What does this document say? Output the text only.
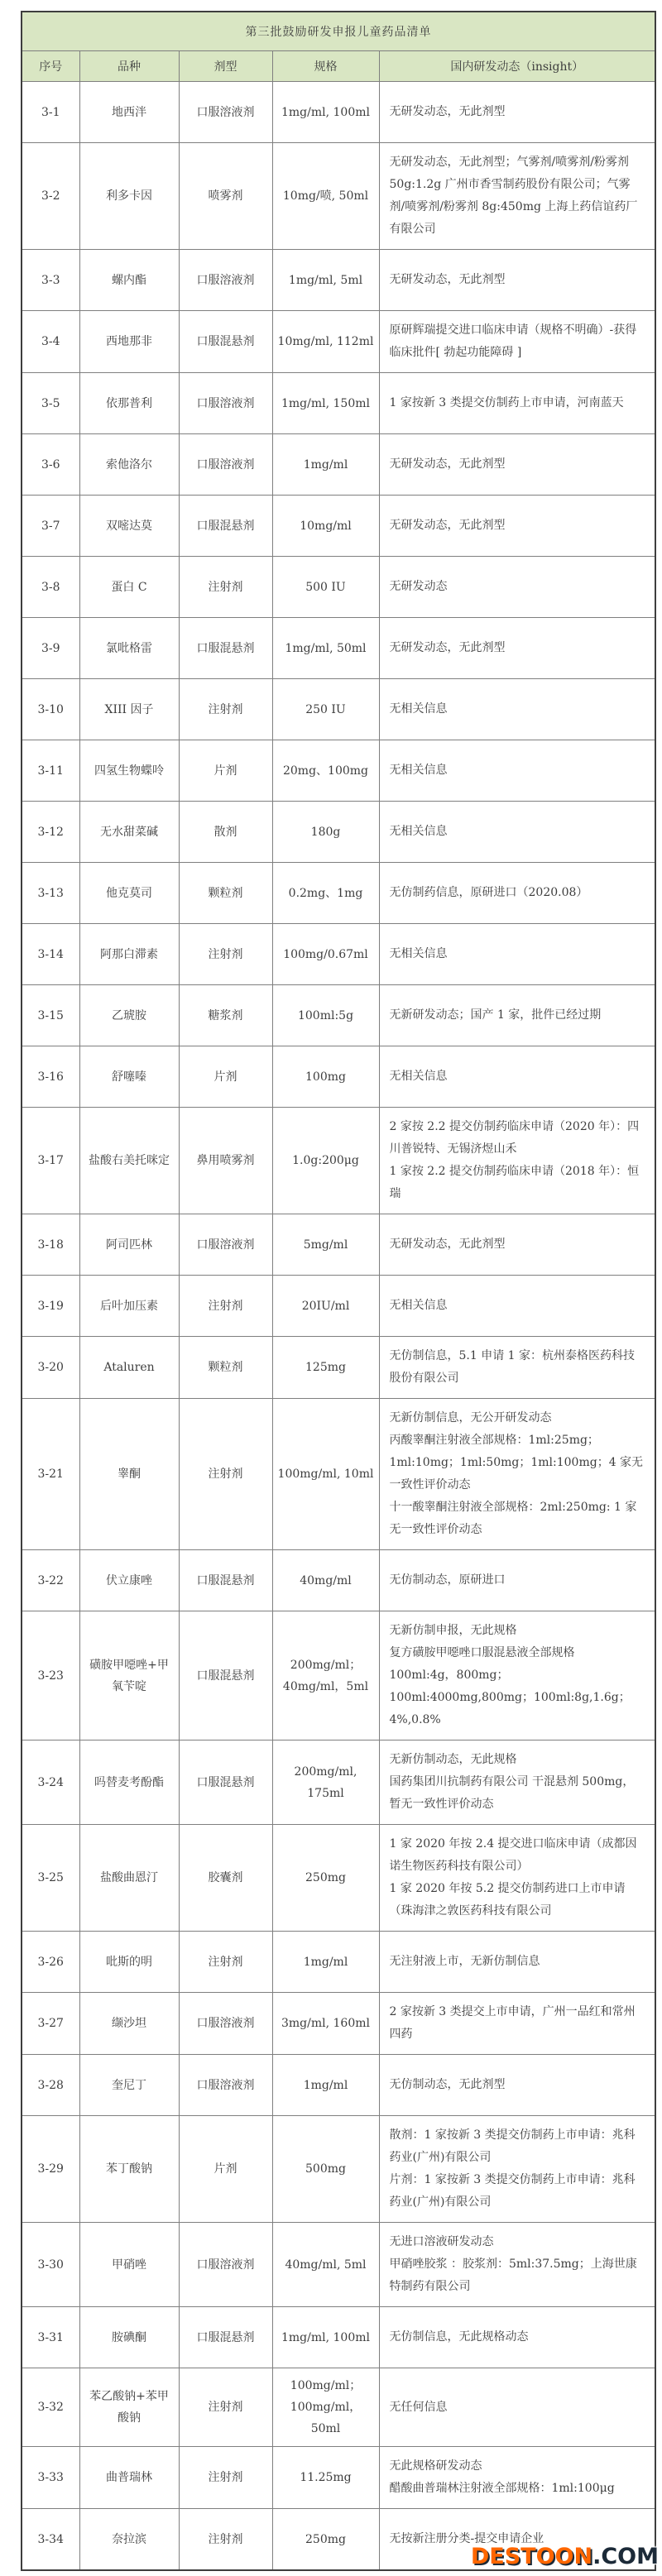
第三批鼓励研发申报儿童药品清单				
序号	品种	剂型	规格	国内研发动态（insight）
3-1	地西泮	口服溶液剂	1mg/ml, 100ml	无研发动态，无此剂型

3-2	利多卡因	喷雾剂	10mg/喷, 50ml	无研发动态，无此剂型；气雾剂/喷雾剂/粉雾剂 50g:1.2g 广州市香雪制药股份有限公司；气雾剂/喷雾剂/粉雾剂 8g:450mg 上海上药信谊药厂有限公司

3-3	螺内酯	口服溶液剂	1mg/ml, 5ml	无研发动态，无此剂型

3-4	西地那非	口服混悬剂	10mg/ml, 112ml	原研辉瑞提交进口临床申请（规格不明确）-获得临床批件[ 勃起功能障碍 ]

3-5	依那普利	口服溶液剂	1mg/ml, 150ml	1 家按新 3 类提交仿制药上市申请，河南蓝天

3-6	索他洛尔	口服溶液剂	1mg/ml	无研发动态，无此剂型

3-7	双嘧达莫	口服混悬剂	10mg/ml	无研发动态，无此剂型

3-8	蛋白 C	注射剂	500 IU	无研发动态

3-9	氯吡格雷	口服混悬剂	1mg/ml, 50ml	无研发动态，无此剂型

3-10	XIII 因子	注射剂	250 IU	无相关信息

3-11	四氢生物蝶呤	片剂	20mg、100mg	无相关信息

3-12	无水甜菜碱	散剂	180g	无相关信息

3-13	他克莫司	颗粒剂	0.2mg、1mg	无仿制药信息，原研进口（2020.08）

3-14	阿那白滞素	注射剂	100mg/0.67ml	无相关信息

3-15	乙琥胺	糖浆剂	100ml:5g	无新研发动态；国产 1 家，批件已经过期

3-16	舒噻嗪	片剂	100mg	无相关信息

3-17	盐酸右美托咪定	鼻用喷雾剂	1.0g:200μg	2 家按 2.2 提交仿制药临床申请（2020 年）：四川普锐特、无锡济煜山禾
1 家按 2.2 提交仿制药临床申请（2018 年）：恒瑞

3-18	阿司匹林	口服溶液剂	5mg/ml	无研发动态，无此剂型

3-19	后叶加压素	注射剂	20IU/ml	无相关信息

3-20	Ataluren	颗粒剂	125mg	无仿制信息，5.1 申请 1 家：杭州泰格医药科技股份有限公司

3-21	睾酮	注射剂	100mg/ml, 10ml	无新仿制信息，无公开研发动态
丙酸睾酮注射液全部规格：1ml:25mg；1ml:10mg；1ml:50mg；1ml:100mg；4 家无一致性评价动态
十一酸睾酮注射液全部规格：2ml:250mg: 1 家无一致性评价动态

3-22	伏立康唑	口服混悬剂	40mg/ml	无仿制动态，原研进口

3-23	磺胺甲噁唑+甲氧苄啶	口服混悬剂	200mg/ml；40mg/ml，5ml	无新仿制申报，无此规格
复方磺胺甲噁唑口服混悬液全部规格
100ml:4g，800mg；100ml:4000mg,800mg；100ml:8g,1.6g；4%,0.8%

3-24	吗替麦考酚酯	口服混悬剂	200mg/ml, 175ml	无新仿制动态，无此规格
国药集团川抗制药有限公司 干混悬剂 500mg，暂无一致性评价动态

3-25	盐酸曲恩汀	胶囊剂	250mg	1 家 2020 年按 2.4 提交进口临床申请（成都因诺生物医药科技有限公司）
1 家 2020 年按 5.2 提交仿制药进口上市申请（珠海津之敦医药科技有限公司

3-26	吡斯的明	注射剂	1mg/ml	无注射液上市，无新仿制信息

3-27	缬沙坦	口服溶液剂	3mg/ml, 160ml	2 家按新 3 类提交上市申请，广州一品红和常州四药

3-28	奎尼丁	口服溶液剂	1mg/ml	无仿制动态，无此剂型

3-29	苯丁酸钠	片剂	500mg	散剂：1 家按新 3 类提交仿制药上市申请：兆科药业(广州)有限公司
片剂：1 家按新 3 类提交仿制药上市申请：兆科药业(广州)有限公司

3-30	甲硝唑	口服溶液剂	40mg/ml, 5ml	无进口溶液研发动态
甲硝唑胶浆 ：胶浆剂：5ml:37.5mg；上海世康特制药有限公司

3-31	胺碘酮	口服混悬剂	1mg/ml, 100ml	无仿制信息，无此规格动态

3-32	苯乙酸钠+苯甲酸钠	注射剂	100mg/ml；100mg/ml，50ml	无任何信息

3-33	曲普瑞林	注射剂	11.25mg	无此规格研发动态
醋酸曲普瑞林注射液全部规格：1ml:100μg

3-34	奈拉滨	注射剂	250mg	无按新注册分类-提交申请企业
DESTOON.COM
